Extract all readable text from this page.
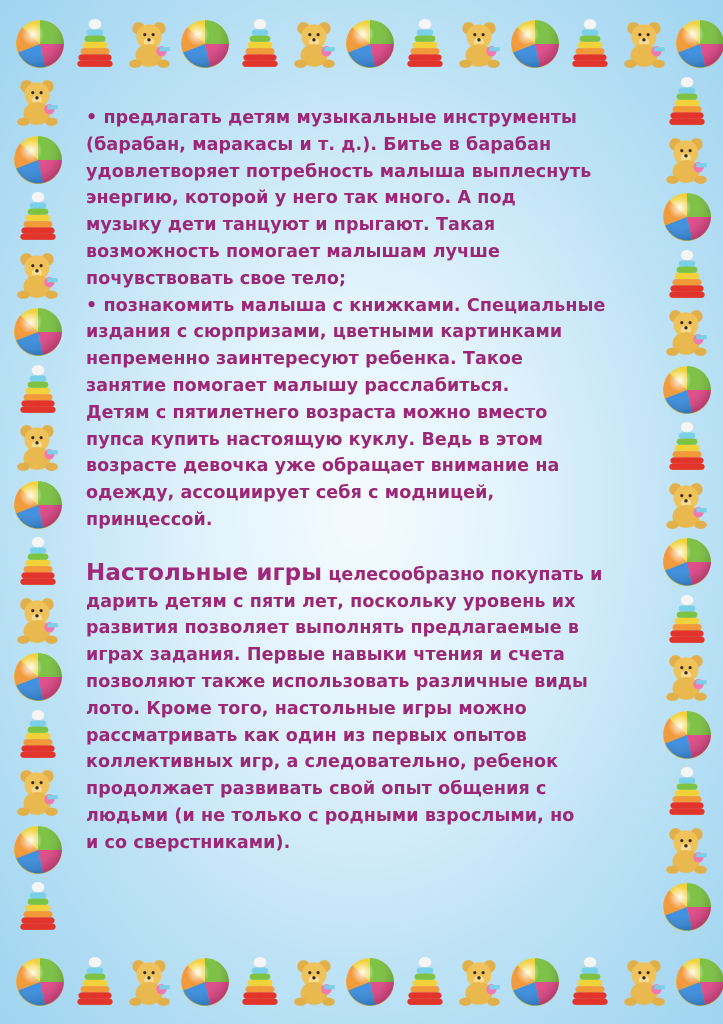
• предлагать детям музыкальные инструменты
(барабан, маракасы и т. д.). Битье в барабан
удовлетворяет потребность малыша выплеснуть
энергию, которой у него так много. А под
музыку дети танцуют и прыгают. Такая
возможность помогает малышам лучше
почувствовать свое тело;
• познакомить малыша с книжками. Специальные
издания с сюрпризами, цветными картинками
непременно заинтересуют ребенка. Такое
занятие помогает малышу расслабиться.
Детям с пятилетнего возраста можно вместо
пупса купить настоящую куклу. Ведь в этом
возрасте девочка уже обращает внимание на
одежду, ассоциирует себя с модницей,
принцессой.
Настольные игры целесообразно покупать и
дарить детям с пяти лет, поскольку уровень их
развития позволяет выполнять предлагаемые в
играх задания. Первые навыки чтения и счета
позволяют также использовать различные виды
лото. Кроме того, настольные игры можно
рассматривать как один из первых опытов
коллективных игр, а следовательно, ребенок
продолжает развивать свой опыт общения с
людьми (и не только с родными взрослыми, но
и со сверстниками).
